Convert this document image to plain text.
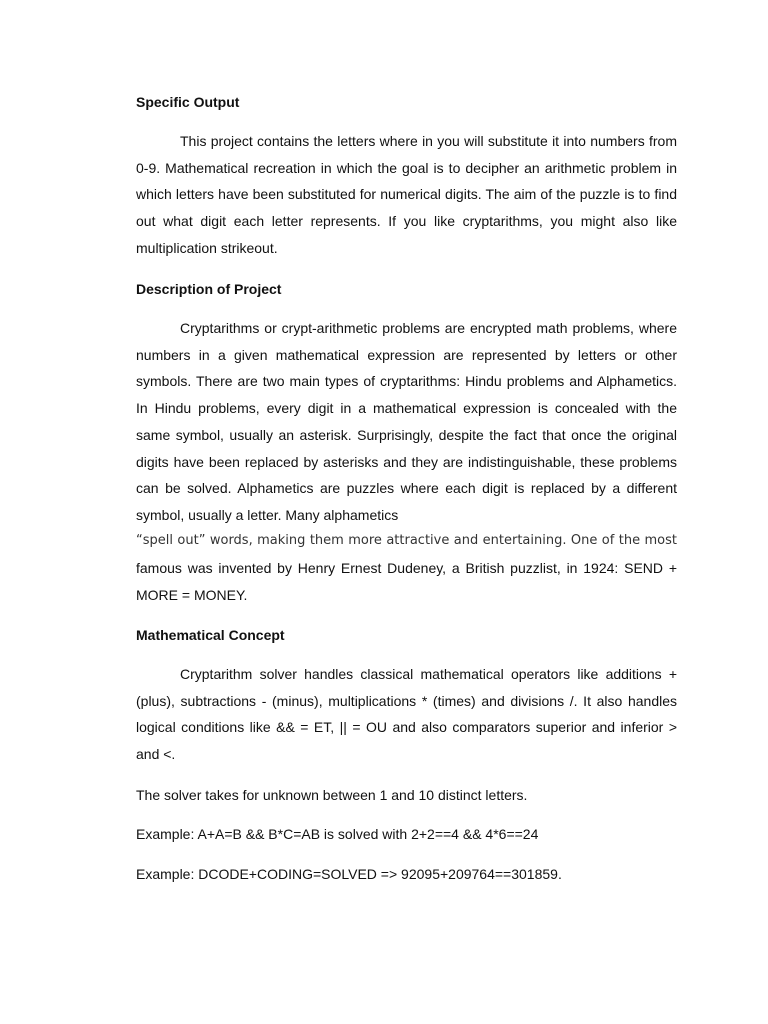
Specific Output

This project contains the letters where in you will substitute it into numbers from 0-9. Mathematical recreation in which the goal is to decipher an arithmetic problem in which letters have been substituted for numerical digits. The aim of the puzzle is to find out what digit each letter represents. If you like cryptarithms, you might also like multiplication strikeout.

Description of Project

Cryptarithms or crypt-arithmetic problems are encrypted math problems, where numbers in a given mathematical expression are represented by letters or other symbols. There are two main types of cryptarithms: Hindu problems and Alphametics. In Hindu problems, every digit in a mathematical expression is concealed with the same symbol, usually an asterisk. Surprisingly, despite the fact that once the original digits have been replaced by asterisks and they are indistinguishable, these problems can be solved. Alphametics are puzzles where each digit is replaced by a different symbol, usually a letter. Many alphametics

“spell out” words, making them more attractive and entertaining. One of the most

famous was invented by Henry Ernest Dudeney, a British puzzlist, in 1924: SEND + MORE = MONEY.

Mathematical Concept

Cryptarithm solver handles classical mathematical operators like additions + (plus), subtractions - (minus), multiplications * (times) and divisions /. It also handles logical conditions like && = ET, || = OU and also comparators superior and inferior > and <.

The solver takes for unknown between 1 and 10 distinct letters.

Example: A+A=B && B*C=AB is solved with 2+2==4 && 4*6==24

Example: DCODE+CODING=SOLVED => 92095+209764==301859.
